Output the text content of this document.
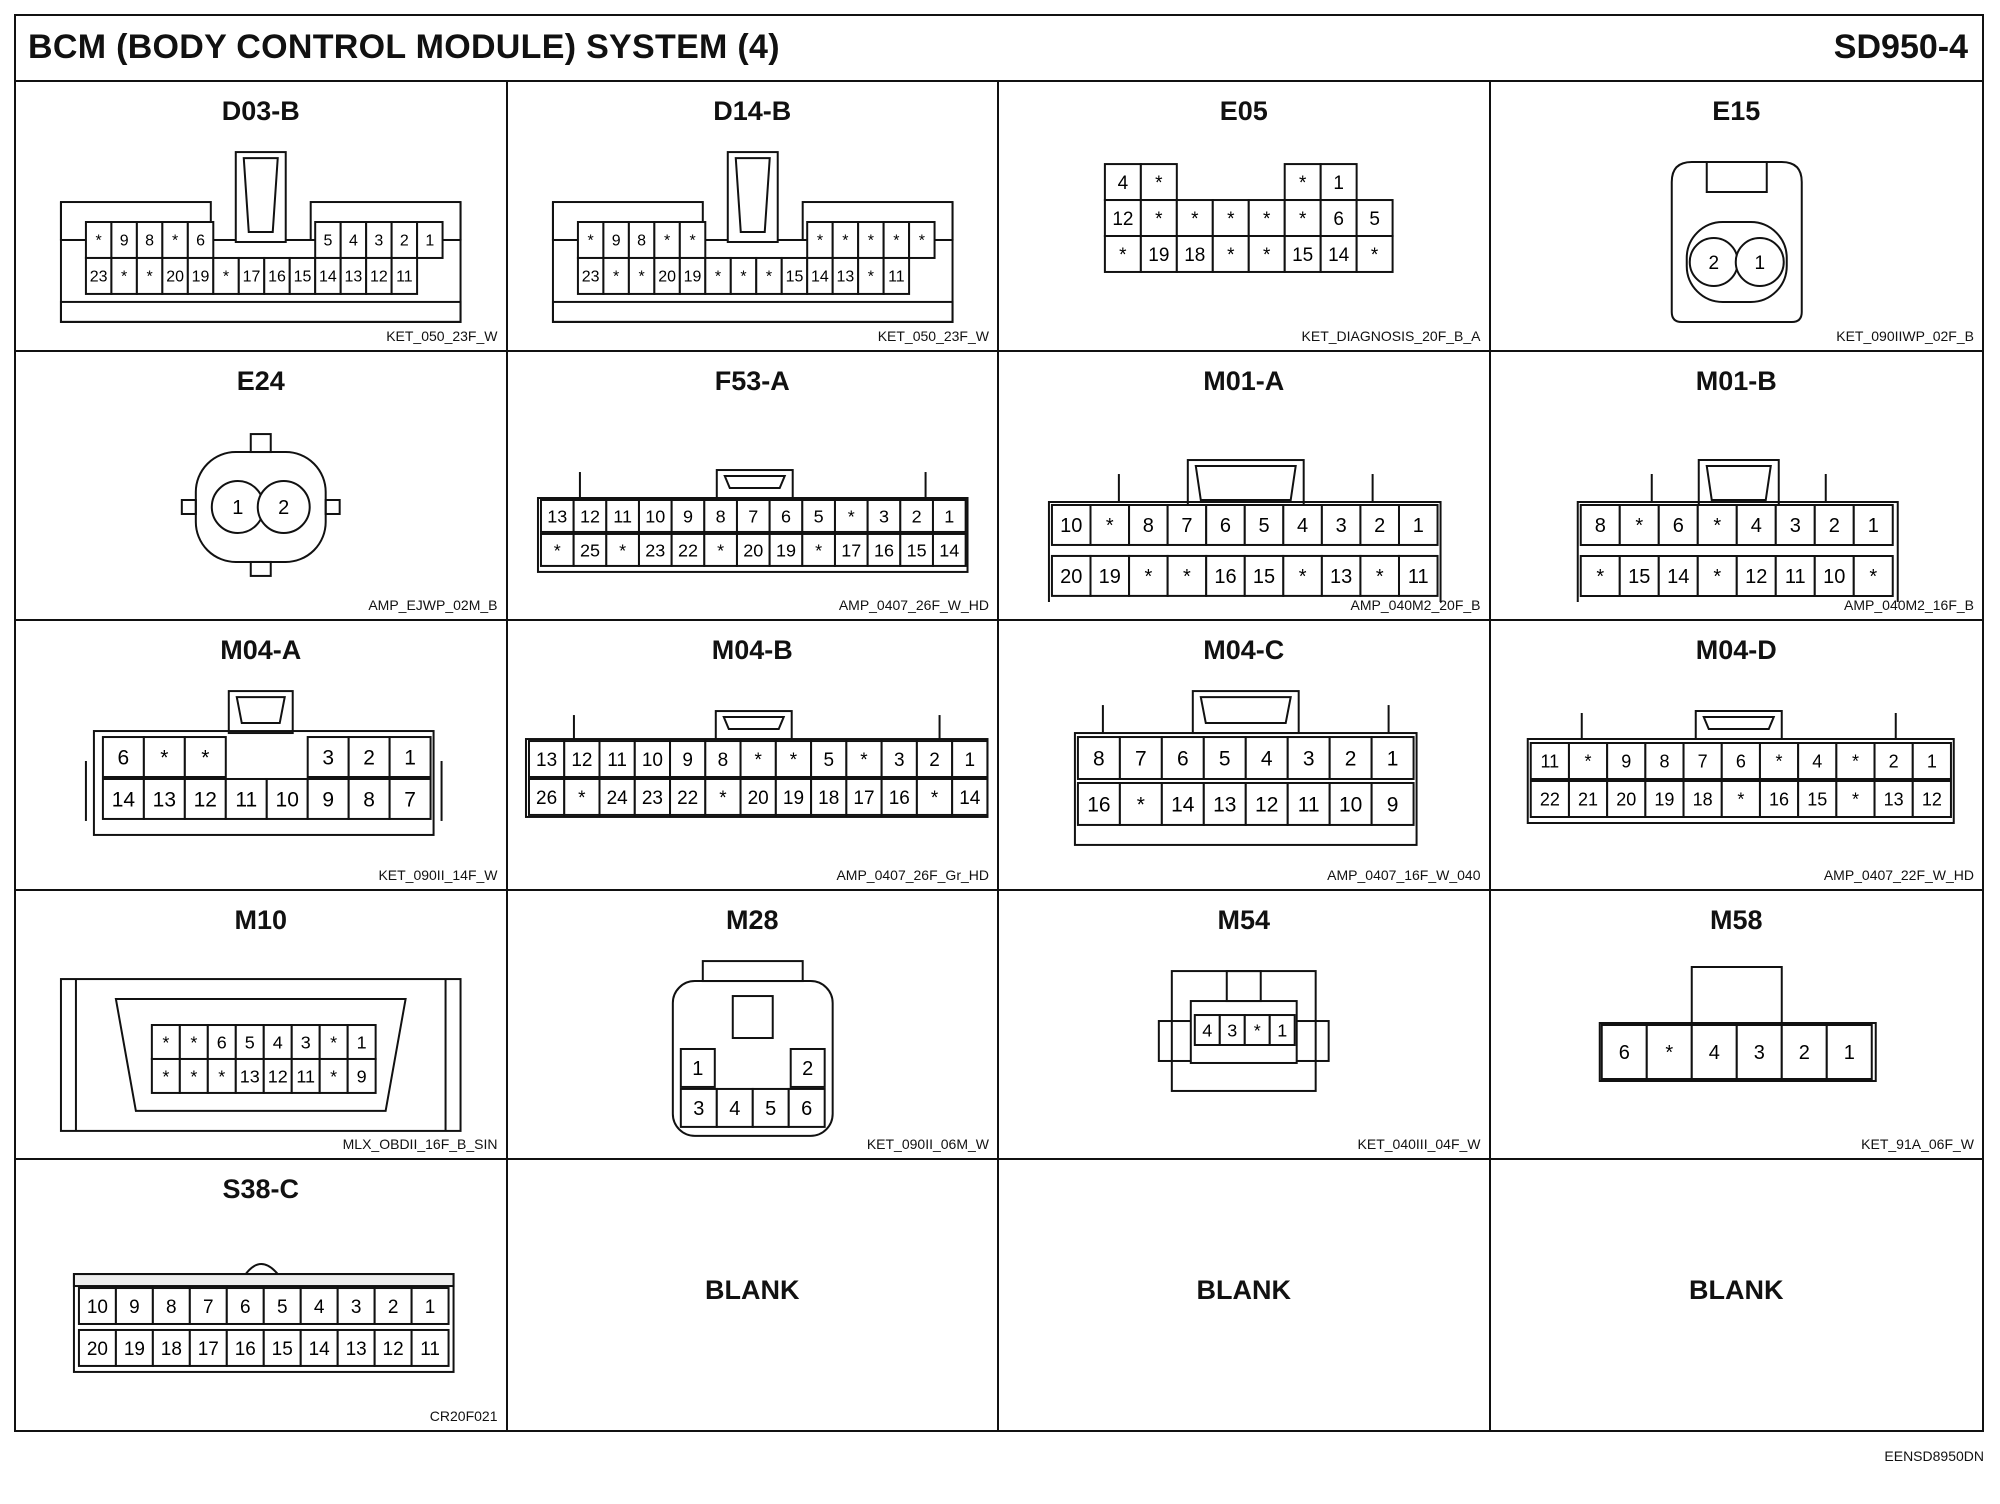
BCM (BODY CONTROL MODULE) SYSTEM (4)	SD950-4
D03-B
* 9 8 * 6	5 4 3 2 1
23 * * 20 19 * 17 16 15 14 13 12 11
KET_050_23F_W
D14-B
* 9 8 * *	* * * * *
23 * * 20 19 * * * 15 14 13 * 11
KET_050_23F_W
E05
4 *	* 1
12 * * * * * 6 5
* 19 18 * * 15 14 *
KET_DIAGNOSIS_20F_B_A
E15
2 1
KET_090IIWP_02F_B
E24
1 2
AMP_EJWP_02M_B
F53-A
13 12 11 10 9 8 7 6 5 * 3 2 1
* 25 * 23 22 * 20 19 * 17 16 15 14
AMP_0407_26F_W_HD
M01-A
10 * 8 7 6 5 4 3 2 1
20 19 * * 16 15 * 13 * 11
AMP_040M2_20F_B
M01-B
8 * 6 * 4 3 2 1
* 15 14 * 12 11 10 *
AMP_040M2_16F_B
M04-A
6 * *	3 2 1
14 13 12 11 10 9 8 7
KET_090II_14F_W
M04-B
13 12 11 10 9 8 * * 5 * 3 2 1
26 * 24 23 22 * 20 19 18 17 16 * 14
AMP_0407_26F_Gr_HD
M04-C
8 7 6 5 4 3 2 1
16 * 14 13 12 11 10 9
AMP_0407_16F_W_040
M04-D
11 * 9 8 7 6 * 4 * 2 1
22 21 20 19 18 * 16 15 * 13 12
AMP_0407_22F_W_HD
M10
* * 6 5 4 3 * 1
* * * 13 12 11 * 9
MLX_OBDII_16F_B_SIN
M28
1	2
3 4 5 6
KET_090II_06M_W
M54
4 3 * 1
KET_040III_04F_W
M58
6 * 4 3 2 1
KET_91A_06F_W
S38-C
10 9 8 7 6 5 4 3 2 1
20 19 18 17 16 15 14 13 12 11
CR20F021
BLANK	BLANK	BLANK
EENSD8950DN
